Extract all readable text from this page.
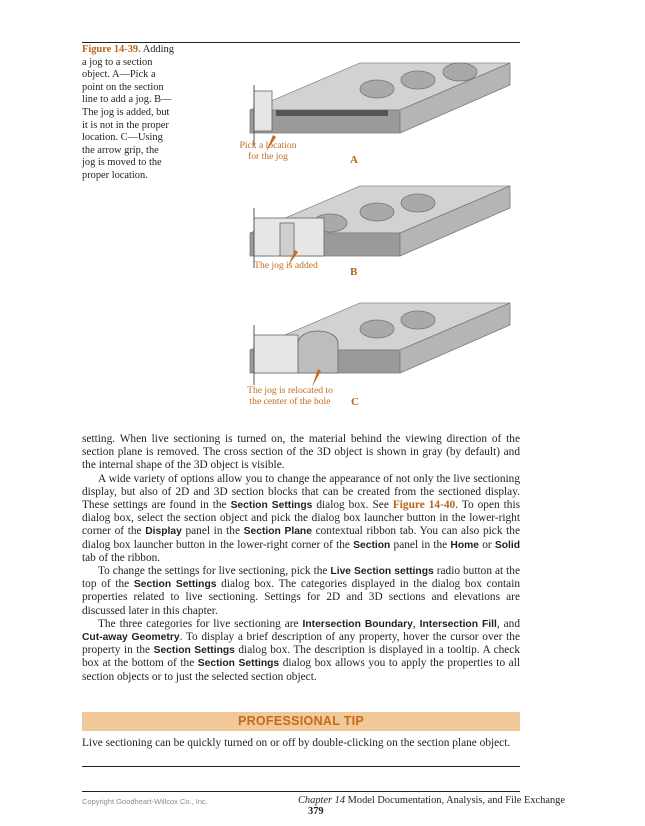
Figure 14-39. Adding a jog to a section object. A—Pick a point on the section line to add a jog. B—The jog is added, but it is not in the proper location. C—Using the arrow grip, the jog is moved to the proper location.
Pick a location
for the jog	A
The jog is added
B
The jog is relocated to
the center of the hole	C

setting. When live sectioning is turned on, the material behind the viewing direction of the section plane is removed. The cross section of the 3D object is shown in gray (by default) and the internal shape of the 3D object is visible.

A wide variety of options allow you to change the appearance of not only the live sectioning display, but also of 2D and 3D section blocks that can be created from the sectioned display. These settings are found in the Section Settings dialog box. See Figure 14-40. To open this dialog box, select the section object and pick the dialog box launcher button in the lower-right corner of the Display panel in the Section Plane contextual ribbon tab. You can also pick the dialog box launcher button in the lower-right corner of the Section panel in the Home or Solid tab of the ribbon.

To change the settings for live sectioning, pick the Live Section settings radio button at the top of the Section Settings dialog box. The categories displayed in the dialog box contain properties related to live sectioning. Settings for 2D and 3D sections and elevations are discussed later in this chapter.

The three categories for live sectioning are Intersection Boundary, Intersection Fill, and Cut-away Geometry. To display a brief description of any property, hover the cursor over the property in the Section Settings dialog box. The description is displayed in a tooltip. A check box at the bottom of the Section Settings dialog box allows you to apply the properties to all section objects or to just the selected section object.

PROFESSIONAL TIP
Live sectioning can be quickly turned on or off by double-clicking on the section plane object.
Copyright Goodheart-Willcox Co., Inc.	Chapter 14 Model Documentation, Analysis, and File Exchange 379
